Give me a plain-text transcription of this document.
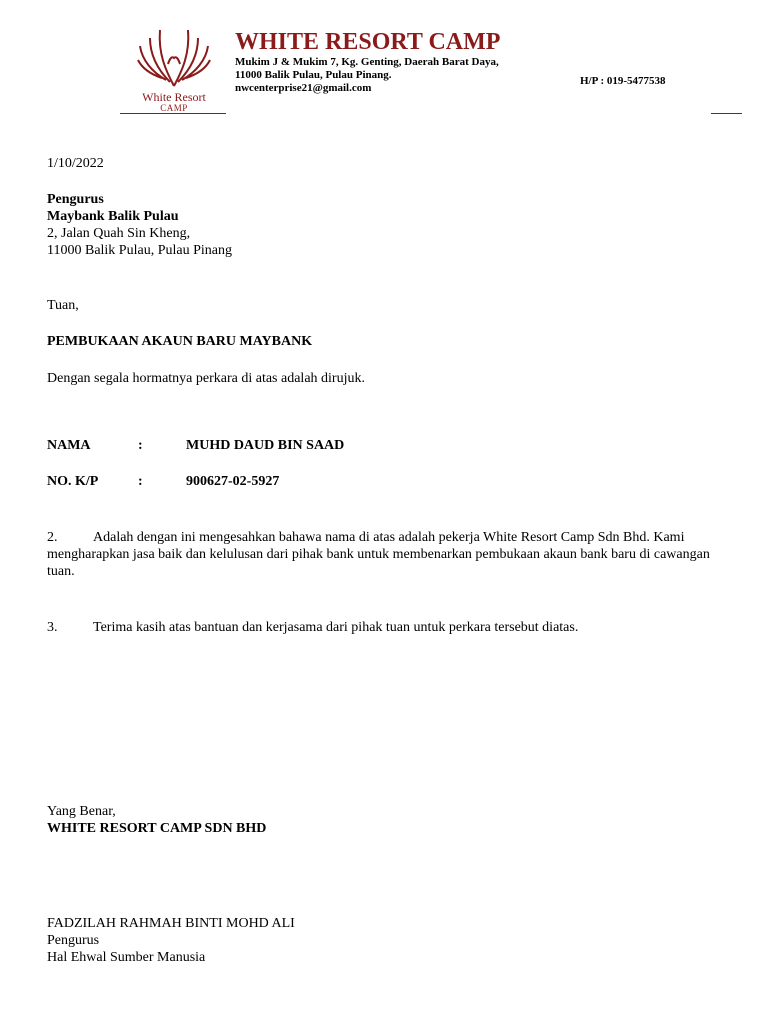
White Resort
CAMP
WHITE RESORT CAMP
Mukim J & Mukim 7, Kg. Genting, Daerah Barat Daya,
11000 Balik Pulau, Pulau Pinang.
nwcenterprise21@gmail.com
H/P : 019-5477538
1/10/2022
Pengurus
Maybank Balik Pulau
2, Jalan Quah Sin Kheng,
11000 Balik Pulau, Pulau Pinang
Tuan,
PEMBUKAAN AKAUN BARU MAYBANK
Dengan segala hormatnya perkara di atas adalah dirujuk.
NAMA	:	MUHD DAUD BIN SAAD
NO. K/P	:	900627-02-5927
2.	Adalah dengan ini mengesahkan bahawa nama di atas adalah pekerja White Resort Camp Sdn Bhd. Kami mengharapkan jasa baik dan kelulusan dari pihak bank untuk membenarkan pembukaan akaun bank baru di cawangan tuan.
3.	Terima kasih atas bantuan dan kerjasama dari pihak tuan untuk perkara tersebut diatas.
Yang Benar,
WHITE RESORT CAMP SDN BHD
FADZILAH RAHMAH BINTI MOHD ALI
Pengurus
Hal Ehwal Sumber Manusia
